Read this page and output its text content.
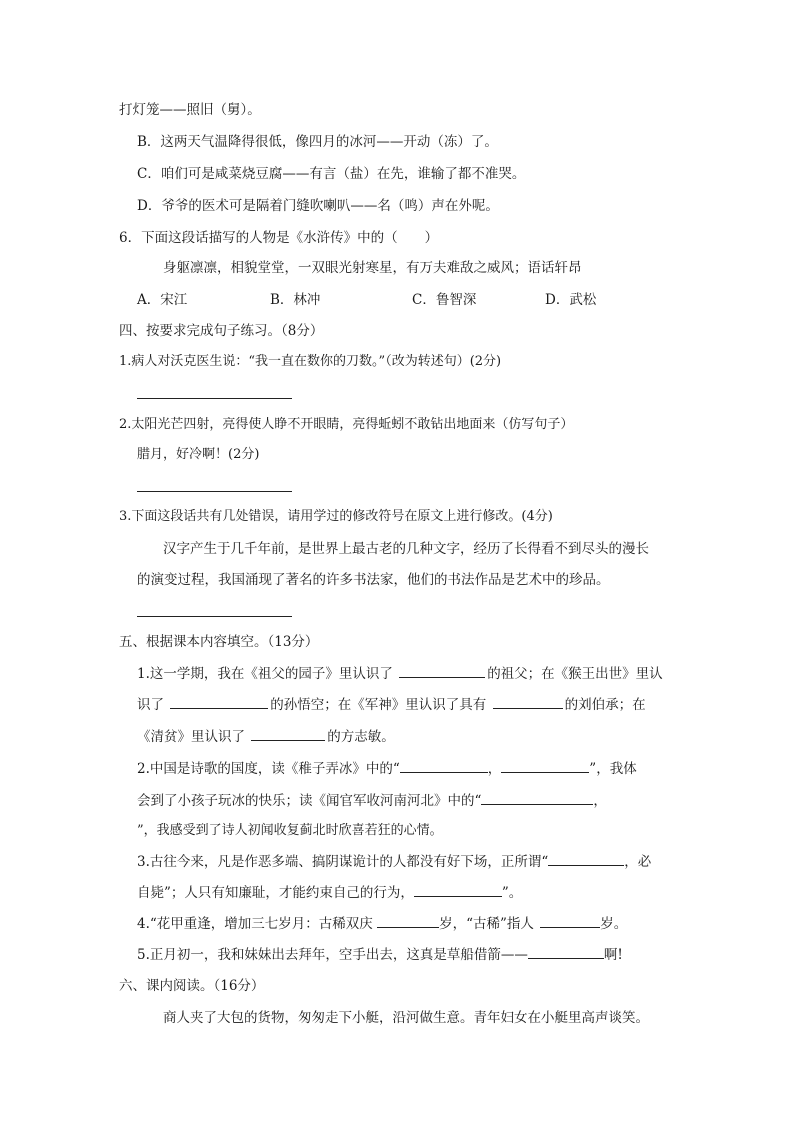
打灯笼——照旧（舅）。
B．这两天气温降得很低，像四月的冰河——开动（冻）了。
C．咱们可是咸菜烧豆腐——有言（盐）在先，谁输了都不准哭。
D．爷爷的医术可是隔着门缝吹喇叭——名（鸣）声在外呢。
6．下面这段话描写的人物是《水浒传》中的（　　）
身躯凛凛，相貌堂堂，一双眼光射寒星，有万夫难敌之威风；语话轩昂
A．宋江	B．林冲	C．鲁智深	D．武松
四、按要求完成句子练习。（8分）
1.病人对沃克医生说：“我一直在数你的刀数。”（改为转述句）(2分)
2.太阳光芒四射，亮得使人睁不开眼睛，亮得蚯蚓不敢钻出地面来（仿写句子）
腊月，好冷啊！(2分)
3.下面这段话共有几处错误，请用学过的修改符号在原文上进行修改。(4分)
汉字产生于几千年前，是世界上最古老的几种文字，经历了长得看不到尽头的漫长
的演变过程，我国涌现了著名的许多书法家，他们的书法作品是艺术中的珍品。
五、根据课本内容填空。（13分）
1.这一学期，我在《祖父的园子》里认识了	的祖父；在《猴王出世》里认
识了	的孙悟空；在《军神》里认识了具有	的刘伯承；在
《清贫》里认识了	的方志敏。
2.中国是诗歌的国度，读《稚子弄冰》中的“	，	”，我体
会到了小孩子玩冰的快乐；读《闻官军收河南河北》中的“	，
”，我感受到了诗人初闻收复蓟北时欣喜若狂的心情。
3.古往今来，凡是作恶多端、搞阴谋诡计的人都没有好下场，正所谓“	，必
自毙”；人只有知廉耻，才能约束自己的行为，	”。
4.“花甲重逢，增加三七岁月：古稀双庆	岁，“古稀”指人	岁。
5.正月初一，我和妹妹出去拜年，空手出去，这真是草船借箭——	啊!
六、课内阅读。（16分）
商人夹了大包的货物，匆匆走下小艇，沿河做生意。青年妇女在小艇里高声谈笑。
